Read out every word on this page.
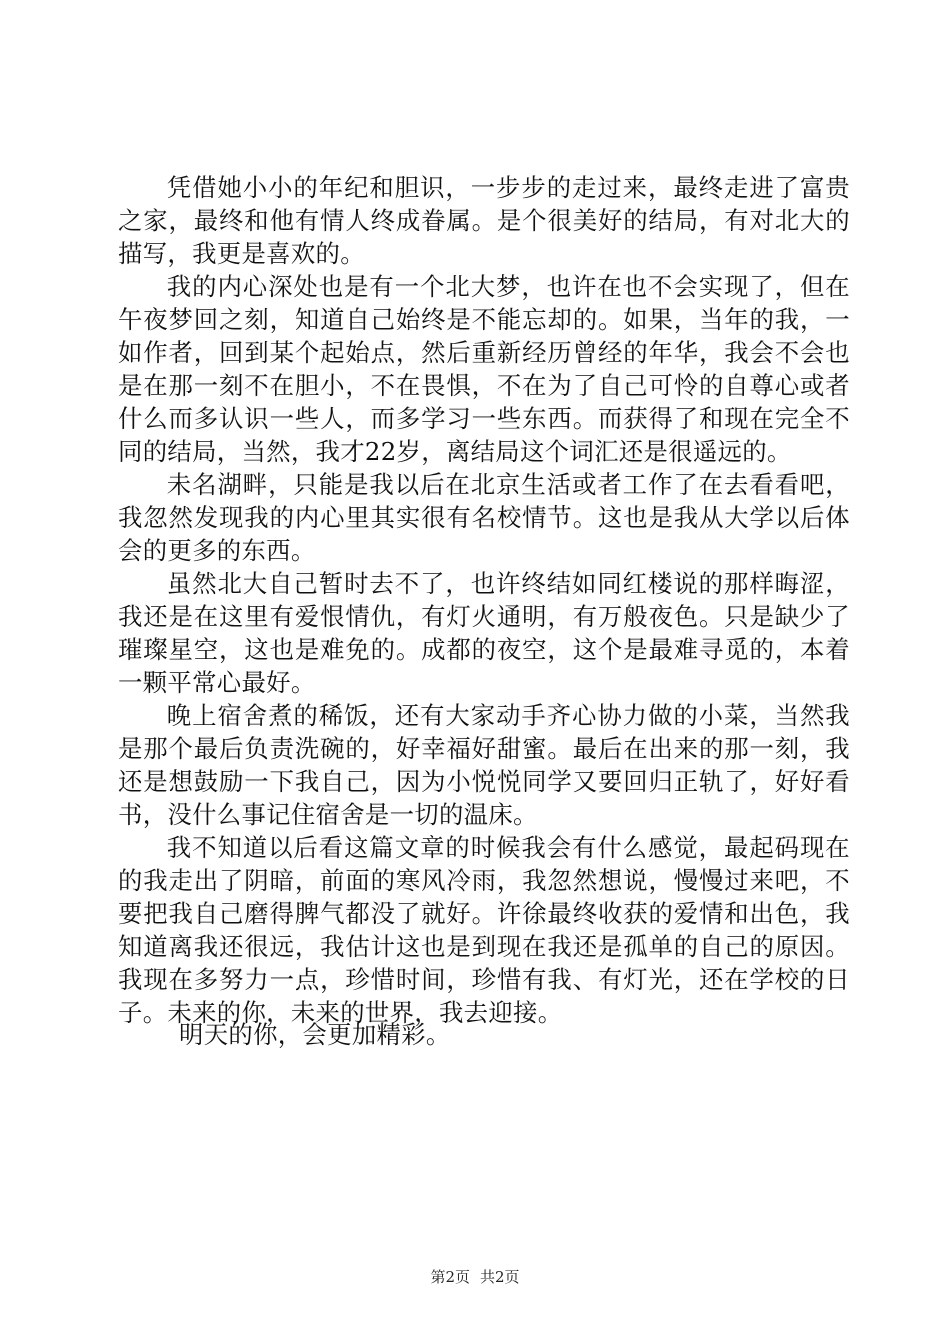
凭借她小小的年纪和胆识，一步步的走过来，最终走进了富贵之家，最终和他有情人终成眷属。是个很美好的结局，有对北大的描写，我更是喜欢的。

我的内心深处也是有一个北大梦，也许在也不会实现了，但在午夜梦回之刻，知道自己始终是不能忘却的。如果，当年的我，一如作者，回到某个起始点，然后重新经历曾经的年华，我会不会也是在那一刻不在胆小，不在畏惧，不在为了自己可怜的自尊心或者什么而多认识一些人，而多学习一些东西。而获得了和现在完全不同的结局，当然，我才22岁，离结局这个词汇还是很遥远的。

未名湖畔，只能是我以后在北京生活或者工作了在去看看吧，我忽然发现我的内心里其实很有名校情节。这也是我从大学以后体会的更多的东西。

虽然北大自己暂时去不了，也许终结如同红楼说的那样晦涩，我还是在这里有爱恨情仇，有灯火通明，有万般夜色。只是缺少了璀璨星空，这也是难免的。成都的夜空，这个是最难寻觅的，本着一颗平常心最好。

晚上宿舍煮的稀饭，还有大家动手齐心协力做的小菜，当然我是那个最后负责洗碗的，好幸福好甜蜜。最后在出来的那一刻，我还是想鼓励一下我自己，因为小悦悦同学又要回归正轨了，好好看书，没什么事记住宿舍是一切的温床。

我不知道以后看这篇文章的时候我会有什么感觉，最起码现在的我走出了阴暗，前面的寒风冷雨，我忽然想说，慢慢过来吧，不要把我自己磨得脾气都没了就好。许徐最终收获的爱情和出色，我知道离我还很远，我估计这也是到现在我还是孤单的自己的原因。我现在多努力一点，珍惜时间，珍惜有我、有灯光，还在学校的日子。未来的你，未来的世界，我去迎接。

明天的你，会更加精彩。

第2页 共2页
